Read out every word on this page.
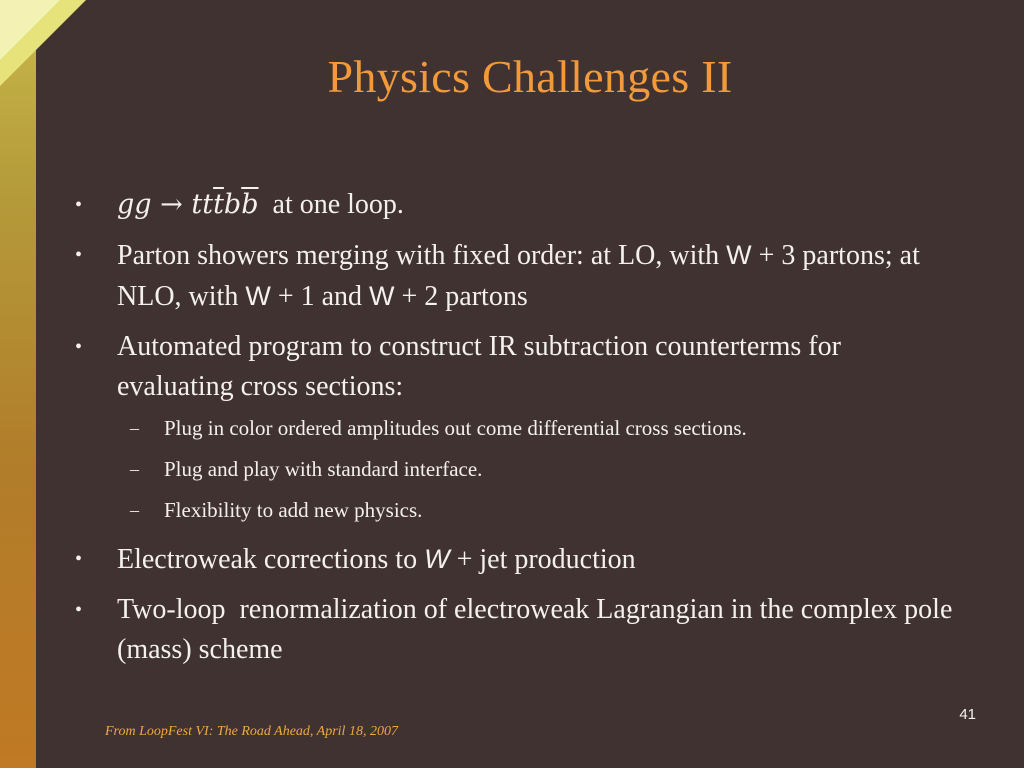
Physics Challenges II
•	gg → $tt\overline{t}b\overline{b}$ at one loop.
•	Parton showers merging with fixed order: at LO, with W + 3 partons; at NLO, with W + 1 and W + 2 partons
•	Automated program to construct IR subtraction counterterms for evaluating cross sections:
– Plug in color ordered amplitudes out come differential cross sections.
– Plug and play with standard interface.
– Flexibility to add new physics.
•	Electroweak corrections to W + jet production
•	Two-loop  renormalization of electroweak Lagrangian in the complex pole (mass) scheme
From LoopFest VI: The Road Ahead, April 18, 2007
41
